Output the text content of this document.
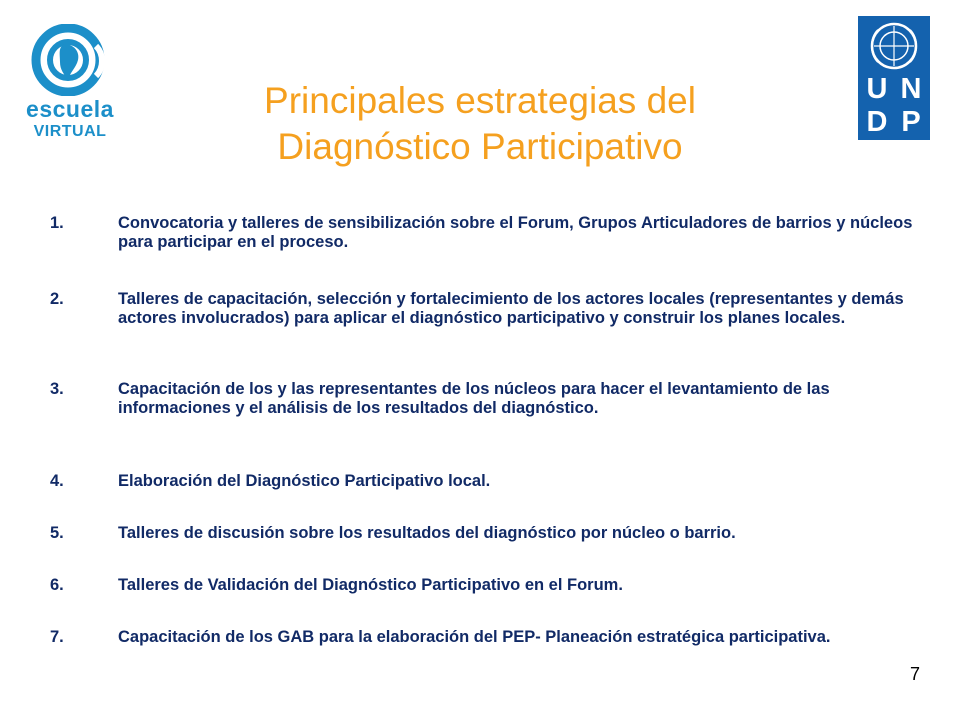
escuela
VIRTUAL
U N
D P
Principales estrategias del
Diagnóstico Participativo
1.	Convocatoria y talleres de sensibilización sobre el Forum, Grupos Articuladores de barrios y núcleos para participar en el proceso.
2.	Talleres de capacitación, selección y fortalecimiento de los actores locales (representantes y demás actores involucrados) para aplicar el diagnóstico participativo y construir los planes locales.
3.	Capacitación de los y las representantes de los núcleos para hacer el levantamiento de las informaciones y el análisis de los resultados del diagnóstico.
4.	Elaboración del Diagnóstico Participativo local.
5.	Talleres de discusión sobre los resultados del diagnóstico por núcleo o barrio.
6.	Talleres de Validación del Diagnóstico Participativo en el Forum.
7.	Capacitación de los GAB para la elaboración del PEP- Planeación estratégica participativa.
7
